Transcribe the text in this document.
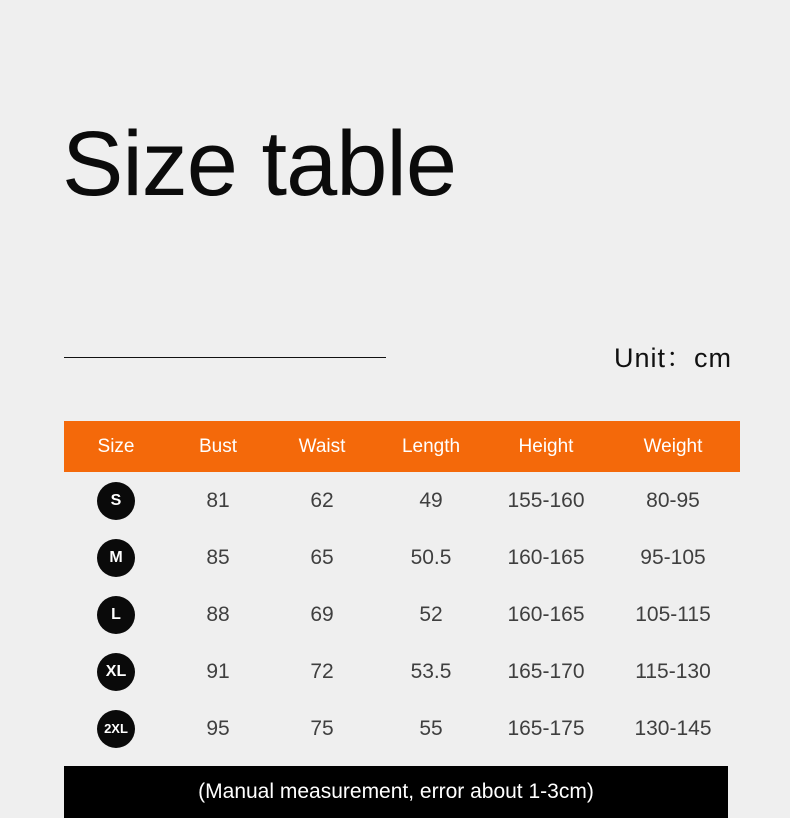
Size table
Unit：cm
Size	Bust	Waist	Length	Height	Weight
S	81	62	49	155-160	80-95
M	85	65	50.5	160-165	95-105
L	88	69	52	160-165	105-115
XL	91	72	53.5	165-170	115-130
2XL	95	75	55	165-175	130-145
(Manual measurement, error about 1-3cm)
